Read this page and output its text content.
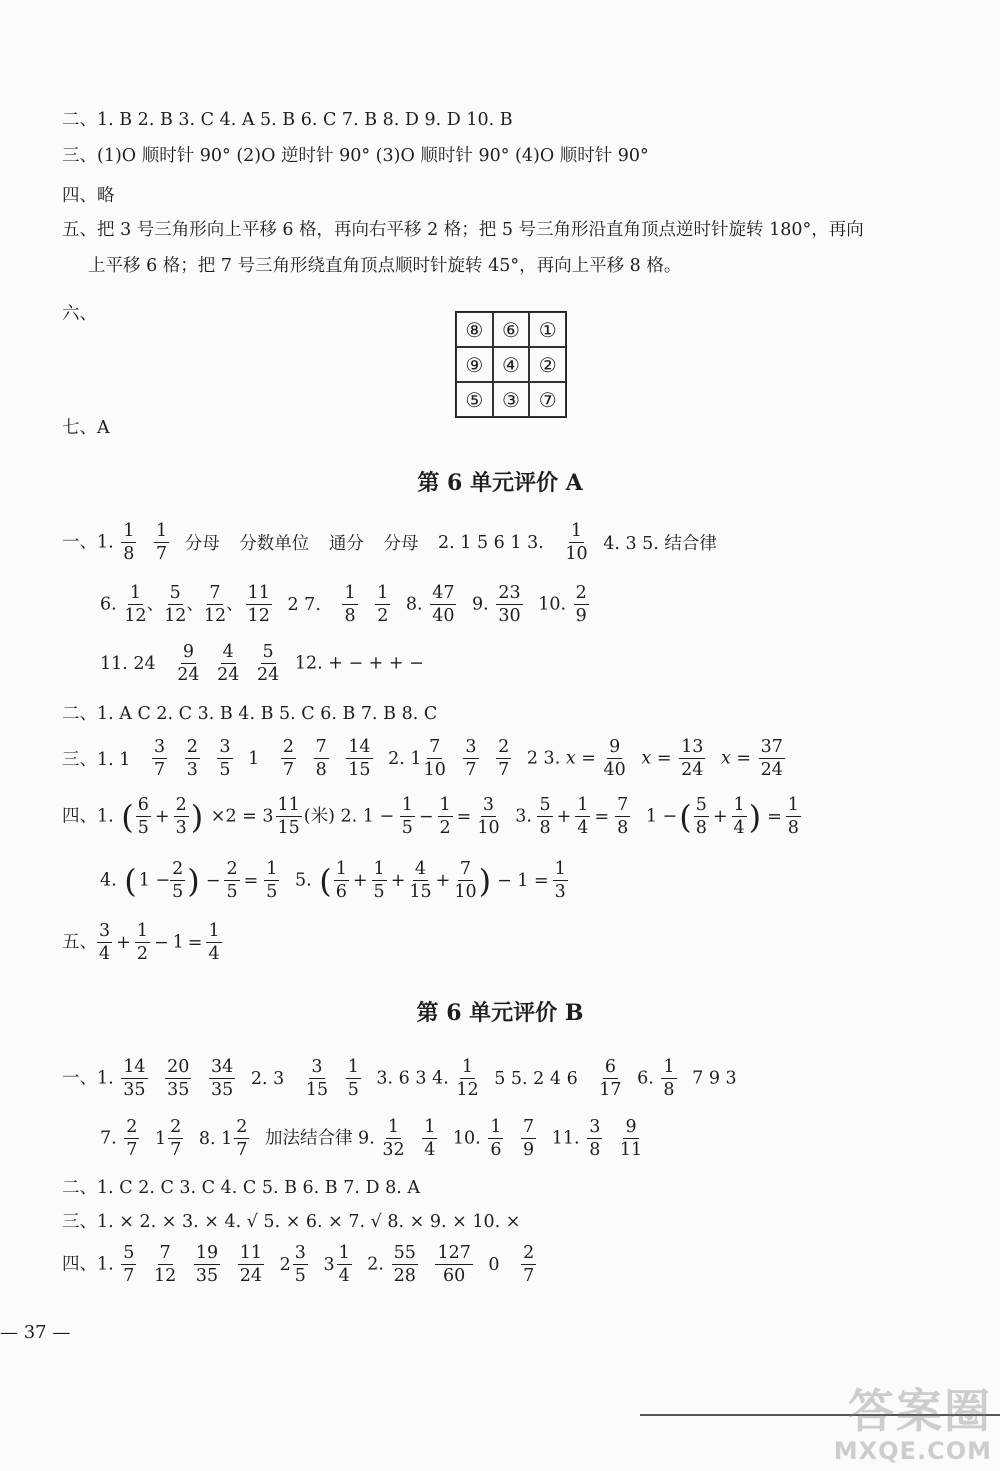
二、1. B 2. B 3. C 4. A 5. B 6. C 7. B 8. D 9. D 10. B
三、(1)O 顺时针 90° (2)O 逆时针 90° (3)O 顺时针 90° (4)O 顺时针 90°
四、略
五、把 3 号三角形向上平移 6 格，再向右平移 2 格；把 5 号三角形沿直角顶点逆时针旋转 180°，再向
上平移 6 格；把 7 号三角形绕直角顶点顺时针旋转 45°，再向上平移 8 格。
六、
⑧ ⑥ ①
⑨ ④ ②
⑤ ③ ⑦
七、A
第 6 单元评价 A
一、1. $\frac{1}{8}$
$\frac{1}{7}$ 分母 分数单位 通分 分母 2. 1 5 6 1 3. $\frac{1}{10} 4$. 3 5. 结合律
6. $\frac{1}{12}$ 、 $\frac{5}{12}$ 、 $\frac{7}{12}$ 、 $\frac{11}{12} 2$ 7. $\frac{1}{8}$
$\frac{1}{2} 8$. $\frac{47}{40} 9$. $\frac{23}{30} 10$. $\frac{2}{9}$
11. $24 \frac{9}{24}$
$\frac{4}{24}$
$\frac{5}{24} 12$. + − + + −
二、1. A C 2. C 3. B 4. B 5. C 6. B 7. B 8. C
三、1. $1 \frac{3}{7}$
$\frac{2}{3}$
$\frac{3}{5} 1 \frac{2}{7}$
$\frac{7}{8}$
$\frac{14}{15}$
2. $1 \frac{7}{10}$
$\frac{3}{7}$
$\frac{2}{7} 2$ 3. $x = \frac{9}{40}$ $x = \frac{13}{24}$ $x = \frac{37}{24}$
四、1. ( $\frac{6}{5} + \frac{2}{3}$ ) $\times 2 = 3 \frac{11}{15}$ (米) 2. $1 - \frac{1}{5} - \frac{1}{2} = \frac{3}{10} 3$. $\frac{5}{8} + \frac{1}{4} = \frac{7}{8} 1$ −( $\frac{5}{8} + \frac{1}{4}$ ) = $\frac{1}{8}$
4. ( $1 - \frac{2}{5}$ ) − $\frac{2}{5} = \frac{1}{5} 5$. ( $\frac{1}{6} + \frac{1}{5} + \frac{4}{15} + \frac{7}{10}$ ) − $1 = \frac{1}{3}$
五、 $\frac{3}{4} + \frac{1}{2} - 1 = \frac{1}{4}$
第 6 单元评价 B
一、1. $\frac{14}{35}$
$\frac{20}{35}$
$\frac{34}{35} 2$. $3 \frac{3}{15}$
$\frac{1}{5} 3$. 6 3 4. $\frac{1}{12} 5$ 5. 2 4 $6 \frac{6}{17} 6$. $\frac{1}{8} 7$ 9 3
7. $\frac{2}{7}$
$1 \frac{2}{7}$
8. $1 \frac{2}{7}$ 加法结合律 9. $\frac{1}{32}$
$\frac{1}{4} 10$. $\frac{1}{6}$
$\frac{7}{9} 11$. $\frac{3}{8}$
$\frac{9}{11}$
二、1. C 2. C 3. C 4. C 5. B 6. B 7. D 8. A
三、1. × 2. × 3. × 4. √ 5. × 6. × 7. √ 8. × 9. × 10. ×
四、1. $\frac{5}{7}$
$\frac{7}{12}$
$\frac{19}{35}$
$\frac{11}{24}$
$2 \frac{3}{5}$
$3 \frac{1}{4} 2$. $\frac{55}{28}$
$\frac{127}{60} 0 \frac{2}{7}$
— 37 —
答案圈
MXQE.COM
